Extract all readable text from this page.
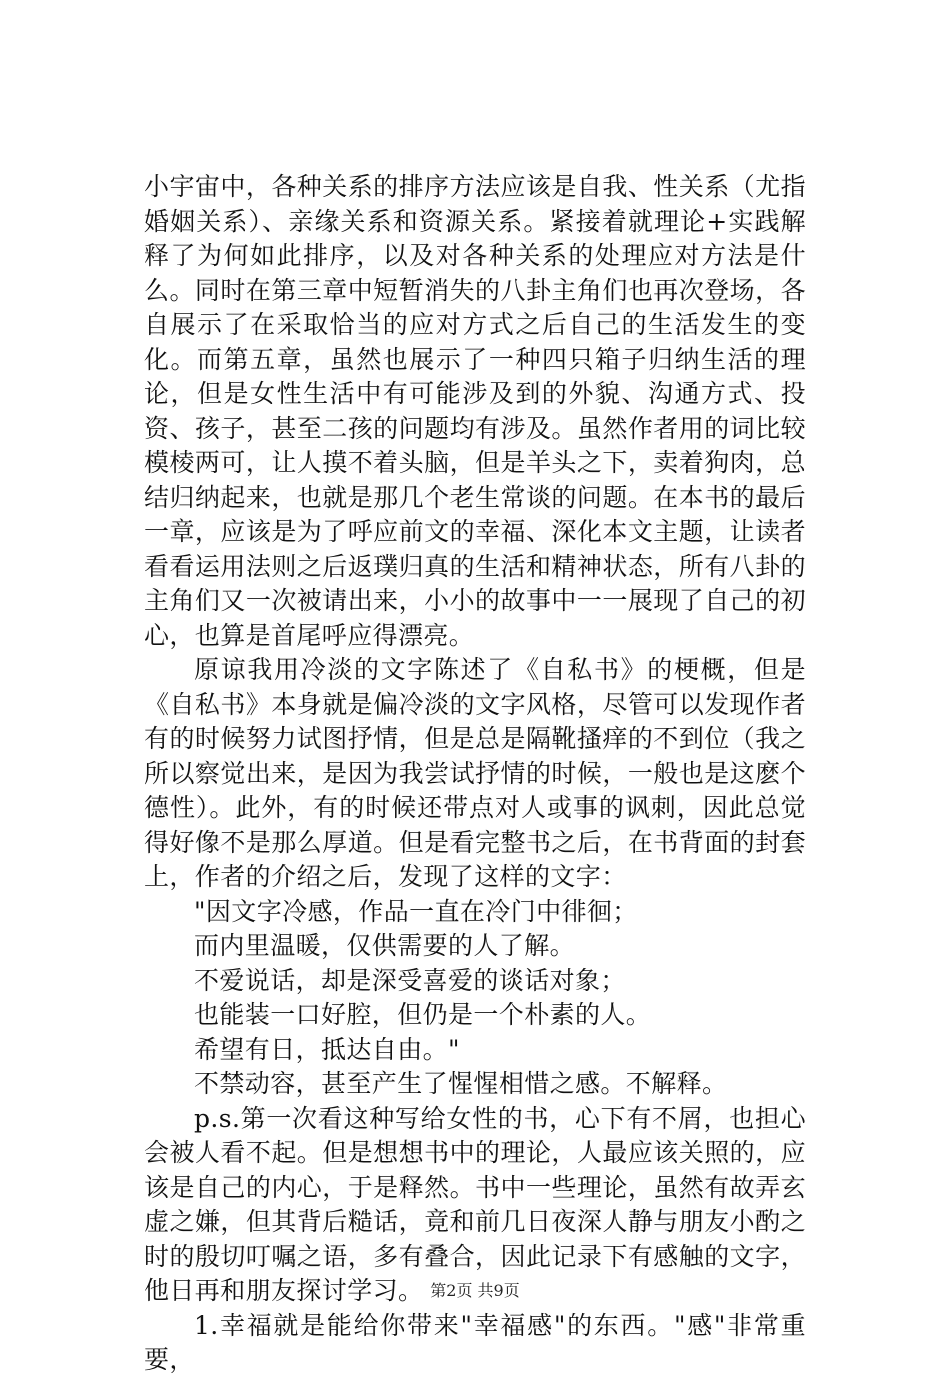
小宇宙中，各种关系的排序方法应该是自我、性关系（尤指婚姻关系）、亲缘关系和资源关系。紧接着就理论+实践解释了为何如此排序，以及对各种关系的处理应对方法是什么。同时在第三章中短暂消失的八卦主角们也再次登场，各自展示了在采取恰当的应对方式之后自己的生活发生的变化。而第五章，虽然也展示了一种四只箱子归纳生活的理论，但是女性生活中有可能涉及到的外貌、沟通方式、投资、孩子，甚至二孩的问题均有涉及。虽然作者用的词比较模棱两可，让人摸不着头脑，但是羊头之下，卖着狗肉，总结归纳起来，也就是那几个老生常谈的问题。在本书的最后一章，应该是为了呼应前文的幸福、深化本文主题，让读者看看运用法则之后返璞归真的生活和精神状态，所有八卦的主角们又一次被请出来，小小的故事中一一展现了自己的初心，也算是首尾呼应得漂亮。

原谅我用冷淡的文字陈述了《自私书》的梗概，但是《自私书》本身就是偏冷淡的文字风格，尽管可以发现作者有的时候努力试图抒情，但是总是隔靴搔痒的不到位（我之所以察觉出来，是因为我尝试抒情的时候，一般也是这麽个德性）。此外，有的时候还带点对人或事的讽刺，因此总觉得好像不是那么厚道。但是看完整书之后，在书背面的封套上，作者的介绍之后，发现了这样的文字：

"因文字冷感，作品一直在冷门中徘徊；

而内里温暖，仅供需要的人了解。

不爱说话，却是深受喜爱的谈话对象；

也能装一口好腔，但仍是一个朴素的人。

希望有日，抵达自由。"

不禁动容，甚至产生了惺惺相惜之感。不解释。

p.s.第一次看这种写给女性的书，心下有不屑，也担心会被人看不起。但是想想书中的理论，人最应该关照的，应该是自己的内心，于是释然。书中一些理论，虽然有故弄玄虚之嫌，但其背后糙话，竟和前几日夜深人静与朋友小酌之时的殷切叮嘱之语，多有叠合，因此记录下有感触的文字，他日再和朋友探讨学习。

1.幸福就是能给你带来"幸福感"的东西。"感"非常重要，

第2页 共9页
